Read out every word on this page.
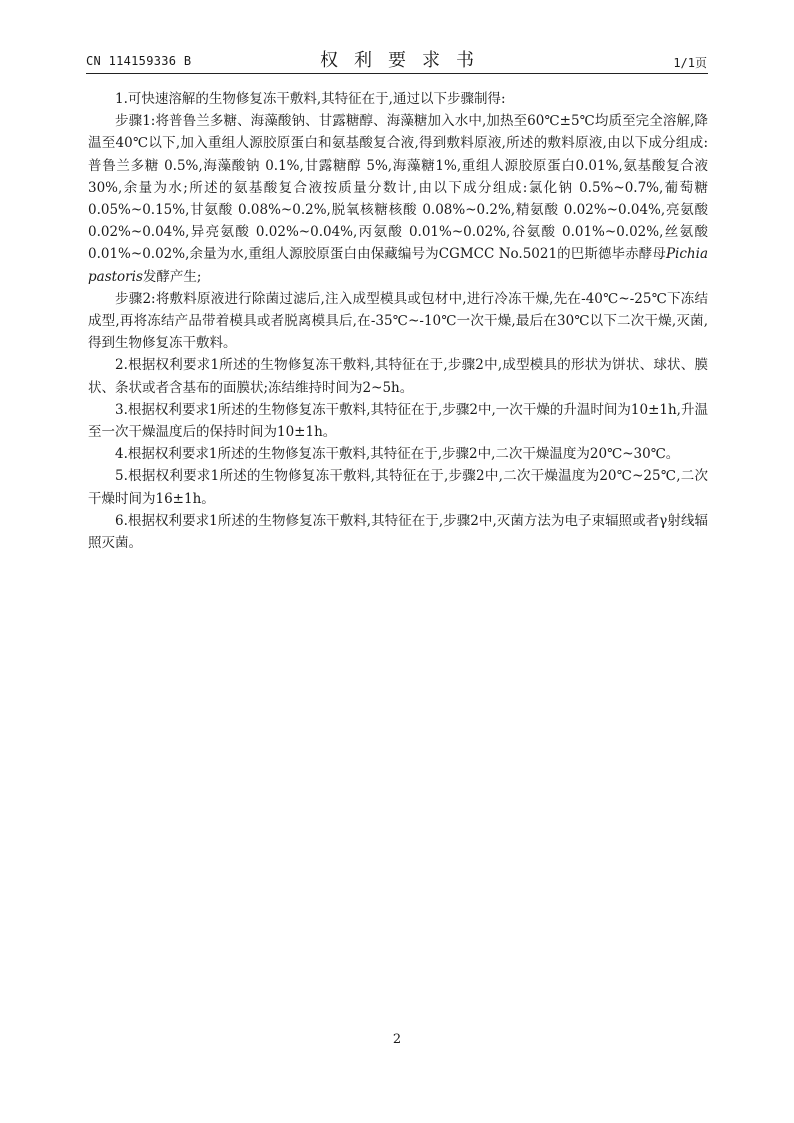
CN 114159336 B	权利要求书	1/1页

1.可快速溶解的生物修复冻干敷料,其特征在于,通过以下步骤制得:

步骤1:将普鲁兰多糖、海藻酸钠、甘露糖醇、海藻糖加入水中,加热至60℃±5℃均质至完全溶解,降温至40℃以下,加入重组人源胶原蛋白和氨基酸复合液,得到敷料原液,所述的敷料原液,由以下成分组成:普鲁兰多糖 0.5%,海藻酸钠 0.1%,甘露糖醇 5%,海藻糖1%,重组人源胶原蛋白0.01%,氨基酸复合液30%,余量为水;所述的氨基酸复合液按质量分数计,由以下成分组成:氯化钠 0.5%~0.7%,葡萄糖 0.05%~0.15%,甘氨酸 0.08%~0.2%,脱氧核糖核酸 0.08%~0.2%,精氨酸 0.02%~0.04%,亮氨酸 0.02%~0.04%,异亮氨酸 0.02%~0.04%,丙氨酸 0.01%~0.02%,谷氨酸 0.01%~0.02%,丝氨酸 0.01%~0.02%,余量为水,重组人源胶原蛋白由保藏编号为CGMCC No.5021的巴斯德毕赤酵母Pichia pastoris发酵产生;

步骤2:将敷料原液进行除菌过滤后,注入成型模具或包材中,进行冷冻干燥,先在-40℃~-25℃下冻结成型,再将冻结产品带着模具或者脱离模具后,在-35℃~-10℃一次干燥,最后在30℃以下二次干燥,灭菌,得到生物修复冻干敷料。

2.根据权利要求1所述的生物修复冻干敷料,其特征在于,步骤2中,成型模具的形状为饼状、球状、膜状、条状或者含基布的面膜状;冻结维持时间为2~5h。

3.根据权利要求1所述的生物修复冻干敷料,其特征在于,步骤2中,一次干燥的升温时间为10±1h,升温至一次干燥温度后的保持时间为10±1h。

4.根据权利要求1所述的生物修复冻干敷料,其特征在于,步骤2中,二次干燥温度为20℃~30℃。

5.根据权利要求1所述的生物修复冻干敷料,其特征在于,步骤2中,二次干燥温度为20℃~25℃,二次干燥时间为16±1h。

6.根据权利要求1所述的生物修复冻干敷料,其特征在于,步骤2中,灭菌方法为电子束辐照或者γ射线辐照灭菌。

2
